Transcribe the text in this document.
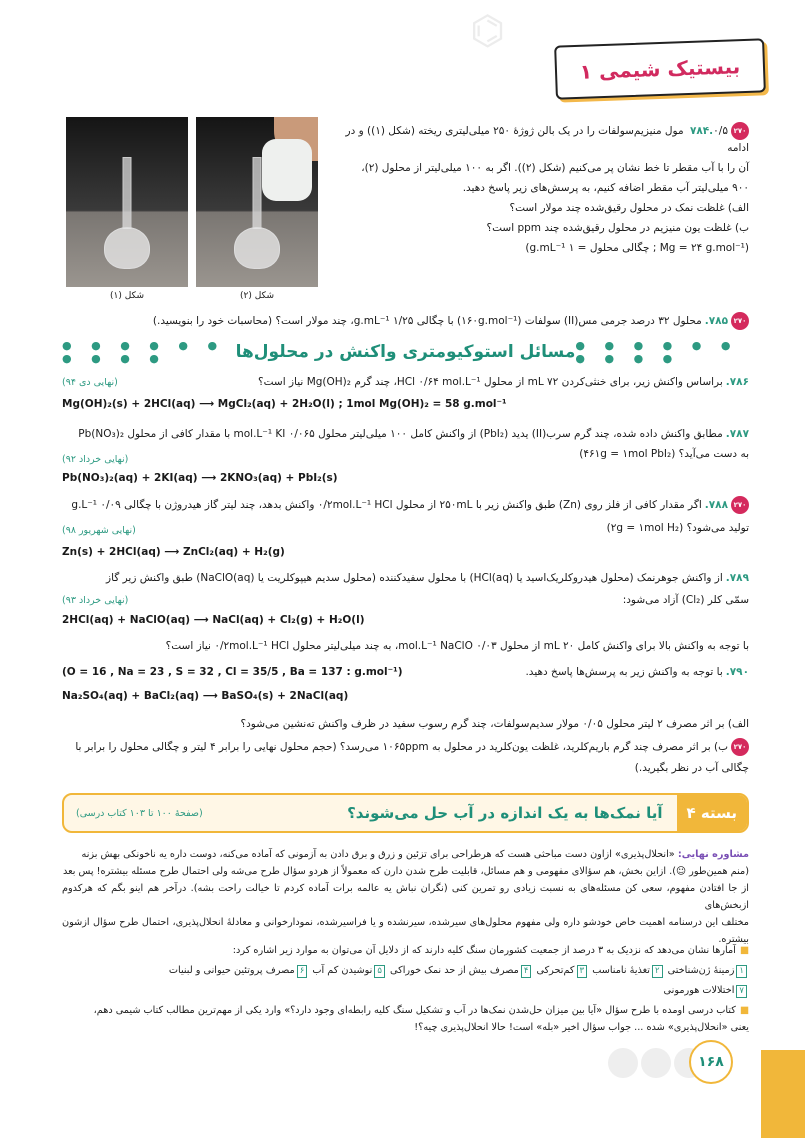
⌬
بیستیک شیمی ۱
شکل (۱)	شکل (۲)
۲۷۰۷۸۴.۰/۵ مول منیزیم‌سولفات را در یک بالن ژوژهٔ ۲۵۰ میلی‌لیتری ریخته (شکل (۱)) و در ادامه
آن را با آب مقطر تا خط نشان پر می‌کنیم (شکل (۲)). اگر به ۱۰۰ میلی‌لیتر از محلول (۲)،
۹۰۰ میلی‌لیتر آب مقطر اضافه کنیم، به پرسش‌های زیر پاسخ دهید.
الف) غلظت نمک در محلول رقیق‌شده چند مولار است؟
ب) غلظت یون منیزیم در محلول رقیق‌شده چند ppm است؟
(Mg = ۲۴ g.mol⁻¹ ; چگالی محلول = ۱ g.mL⁻¹)
۲۷۰۷۸۵.محلول ۳۲ درصد جرمی مس(II) سولفات (۱۶۰g.mol⁻¹) با چگالی ۱/۲۵ g.mL⁻¹، چند مولار است؟ (محاسبات خود را بنویسید.)
● ● ● ● ● ● ● ● ● ●	مسائل استوکیومتری واکنش در محلول‌ها ● ● ● ● ● ● ● ● ● ●
۷۸۶.براساس واکنش زیر، برای خنثی‌کردن ۷۲ mL از محلول HCl ۰/۶۴ mol.L⁻¹، چند گرم Mg(OH)₂ نیاز است؟
(نهایی دی ۹۴)
Mg(OH)₂(s) + 2HCl(aq) ⟶ MgCl₂(aq) + 2H₂O(l) ; 1mol Mg(OH)₂ = 58 g.mol⁻¹
۷۸۷.مطابق واکنش داده شده، چند گرم سرب(II) یدید (PbI₂) از واکنش کامل ۱۰۰ میلی‌لیتر محلول ۰/۰۶۵ mol.L⁻¹ KI با مقدار کافی از محلول Pb(NO₃)₂
به دست می‌آید؟ (۴۶۱g = ۱mol PbI₂)
(نهایی خرداد ۹۲)
Pb(NO₃)₂(aq) + 2KI(aq) ⟶ 2KNO₃(aq) + PbI₂(s)
۲۷۰۷۸۸.اگر مقدار کافی از فلز روی (Zn) طبق واکنش زیر با ۲۵۰mL از محلول ۰/۲mol.L⁻¹ HCl واکنش بدهد، چند لیتر گاز هیدروژن با چگالی ۰/۰۹ g.L⁻¹
تولید می‌شود؟ (۲g = ۱mol H₂)
(نهایی شهریور ۹۸)
Zn(s) + 2HCl(aq) ⟶ ZnCl₂(aq) + H₂(g)
۷۸۹.از واکنش جوهرنمک (محلول هیدروکلریک‌اسید یا HCl(aq)) با محلول سفیدکننده (محلول سدیم هیپوکلریت یا NaClO(aq)) طبق واکنش زیر گاز
سمّی کلر (Cl₂) آزاد می‌شود:
(نهایی خرداد ۹۳)
2HCl(aq) + NaClO(aq) ⟶ NaCl(aq) + Cl₂(g) + H₂O(l)
با توجه به واکنش بالا برای واکنش کامل ۲۰ mL از محلول ۰/۰۳ mol.L⁻¹ NaClO، به چند میلی‌لیتر محلول ۰/۲mol.L⁻¹ HCl نیاز است؟
۷۹۰.با توجه به واکنش زیر به پرسش‌ها پاسخ دهید.
(O = 16 , Na = 23 , S = 32 , Cl = 35/5 , Ba = 137 : g.mol⁻¹)
Na₂SO₄(aq) + BaCl₂(aq) ⟶ BaSO₄(s) + 2NaCl(aq)
الف) بر اثر مصرف ۲ لیتر محلول ۰/۰۵ مولار سدیم‌سولفات، چند گرم رسوب سفید در ظرف واکنش ته‌نشین می‌شود؟
۲۷۰ب) بر اثر مصرف چند گرم باریم‌کلرید، غلظت یون‌کلرید در محلول به ۱۰۶۵ppm می‌رسد؟ (حجم محلول نهایی را برابر ۴ لیتر و چگالی محلول را برابر با
چگالی آب در نظر بگیرید.)
بسته ۴
آیا نمک‌ها به یک اندازه در آب حل می‌شوند؟
(صفحهٔ ۱۰۰ تا ۱۰۳ کتاب درسی)
مشاوره نهایی: «انحلال‌پذیری» ازاون دست مباحثی هست که هرطراحی برای تزئین و زرق و برق دادن به آزمونی که آماده می‌کنه، دوست داره یه ناخونکی بهش بزنه
(منم همین‌طور ☺). ازاین بخش، هم سؤالای مفهومی و هم مسائل، قابلیت طرح شدن دارن که معمولاً از هردو سؤال طرح می‌شه ولی احتمال طرح مسئله بیشتره! پس بعد
از جا افتادن مفهوم، سعی کن مسئله‌های به نسبت زیادی رو تمرین کنی (نگران نباش یه عالمه برات آماده کردم تا خیالت راحت بشه). درآخر هم اینو بگم که هرکدوم ازبخش‌های
مختلف این درسنامه اهمیت خاص خودشو داره ولی مفهوم محلول‌های سیرشده، سیرنشده و یا فراسیرشده، نمودارخوانی و معادلهٔ انحلال‌پذیری، احتمال طرح سؤال ازشون بیشتره.
■آمارها نشان می‌دهد که نزدیک به ۳ درصد از جمعیت کشورمان سنگ کلیه دارند که از دلایل آن می‌توان به موارد زیر اشاره کرد:
۱زمینهٔ ژن‌شناختی ۲تغذیهٔ نامناسب ۳کم‌تحرکی ۴مصرف بیش از حد نمک خوراکی ۵نوشیدن کم آب ۶مصرف پروتئین حیوانی و لبنیات
۷اختلالات هورمونی
■کتاب درسی اومده با طرح سؤال «آیا بین میزان حل‌شدن نمک‌ها در آب و تشکیل سنگ کلیه رابطه‌ای وجود دارد؟» وارد یکی از مهم‌ترین مطالب کتاب شیمی دهم،
یعنی «انحلال‌پذیری» شده ... جواب سؤال اخیر «بله» است! حالا انحلال‌پذیری چیه؟!
۱۶۸
